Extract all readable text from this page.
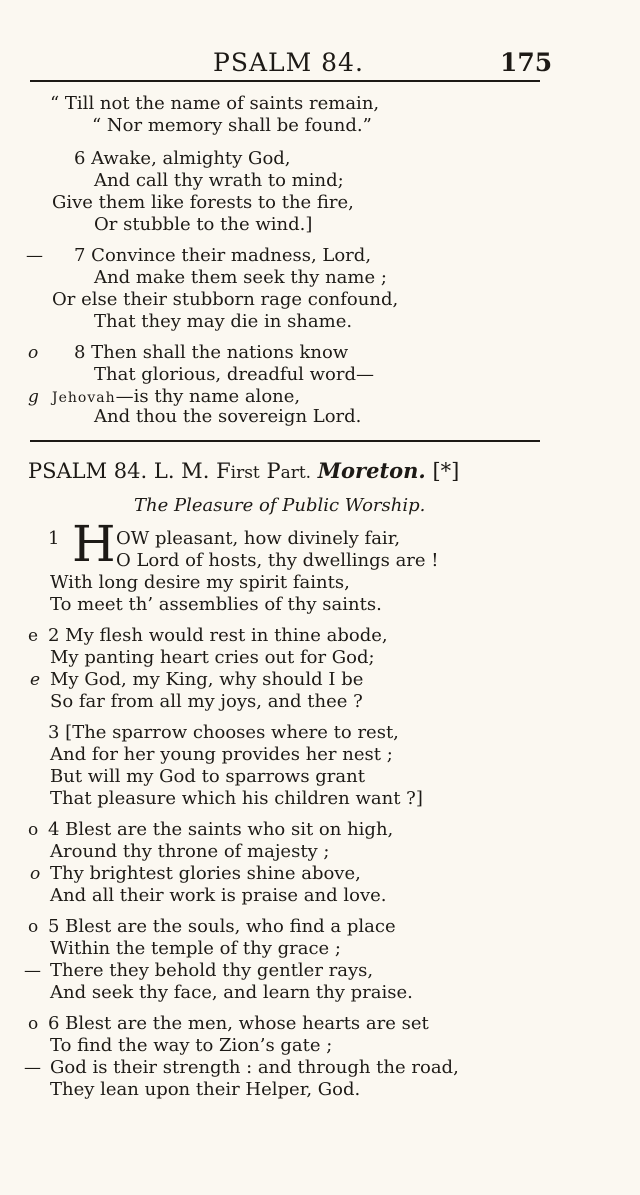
PSALM 84.	175
“ Till not the name of saints remain,
“ Nor memory shall be found.”
6 Awake, almighty God,
And call thy wrath to mind;
Give them like forests to the fire,
Or stubble to the wind.]
— 7 Convince their madness, Lord,
And make them seek thy name ;
Or else their stubborn rage confound,
That they may die in shame.
o 8 Then shall the nations know
That glorious, dreadful word—
g Jehovah—is thy name alone,
And thou the sovereign Lord.
PSALM 84. L. M. First Part. Moreton. [*]
The Pleasure of Public Worship.
1 H OW pleasant, how divinely fair,
O Lord of hosts, thy dwellings are !
With long desire my spirit faints,
To meet th’ assemblies of thy saints.
e 2 My flesh would rest in thine abode,
My panting heart cries out for God;
e My God, my King, why should I be
So far from all my joys, and thee ?
3 [The sparrow chooses where to rest,
And for her young provides her nest ;
But will my God to sparrows grant
That pleasure which his children want ?]
o 4 Blest are the saints who sit on high,
Around thy throne of majesty ;
o Thy brightest glories shine above,
And all their work is praise and love.
o 5 Blest are the souls, who find a place
Within the temple of thy grace ;
— There they behold thy gentler rays,
And seek thy face, and learn thy praise.
o 6 Blest are the men, whose hearts are set
To find the way to Zion’s gate ;
— God is their strength : and through the road,
They lean upon their Helper, God.
